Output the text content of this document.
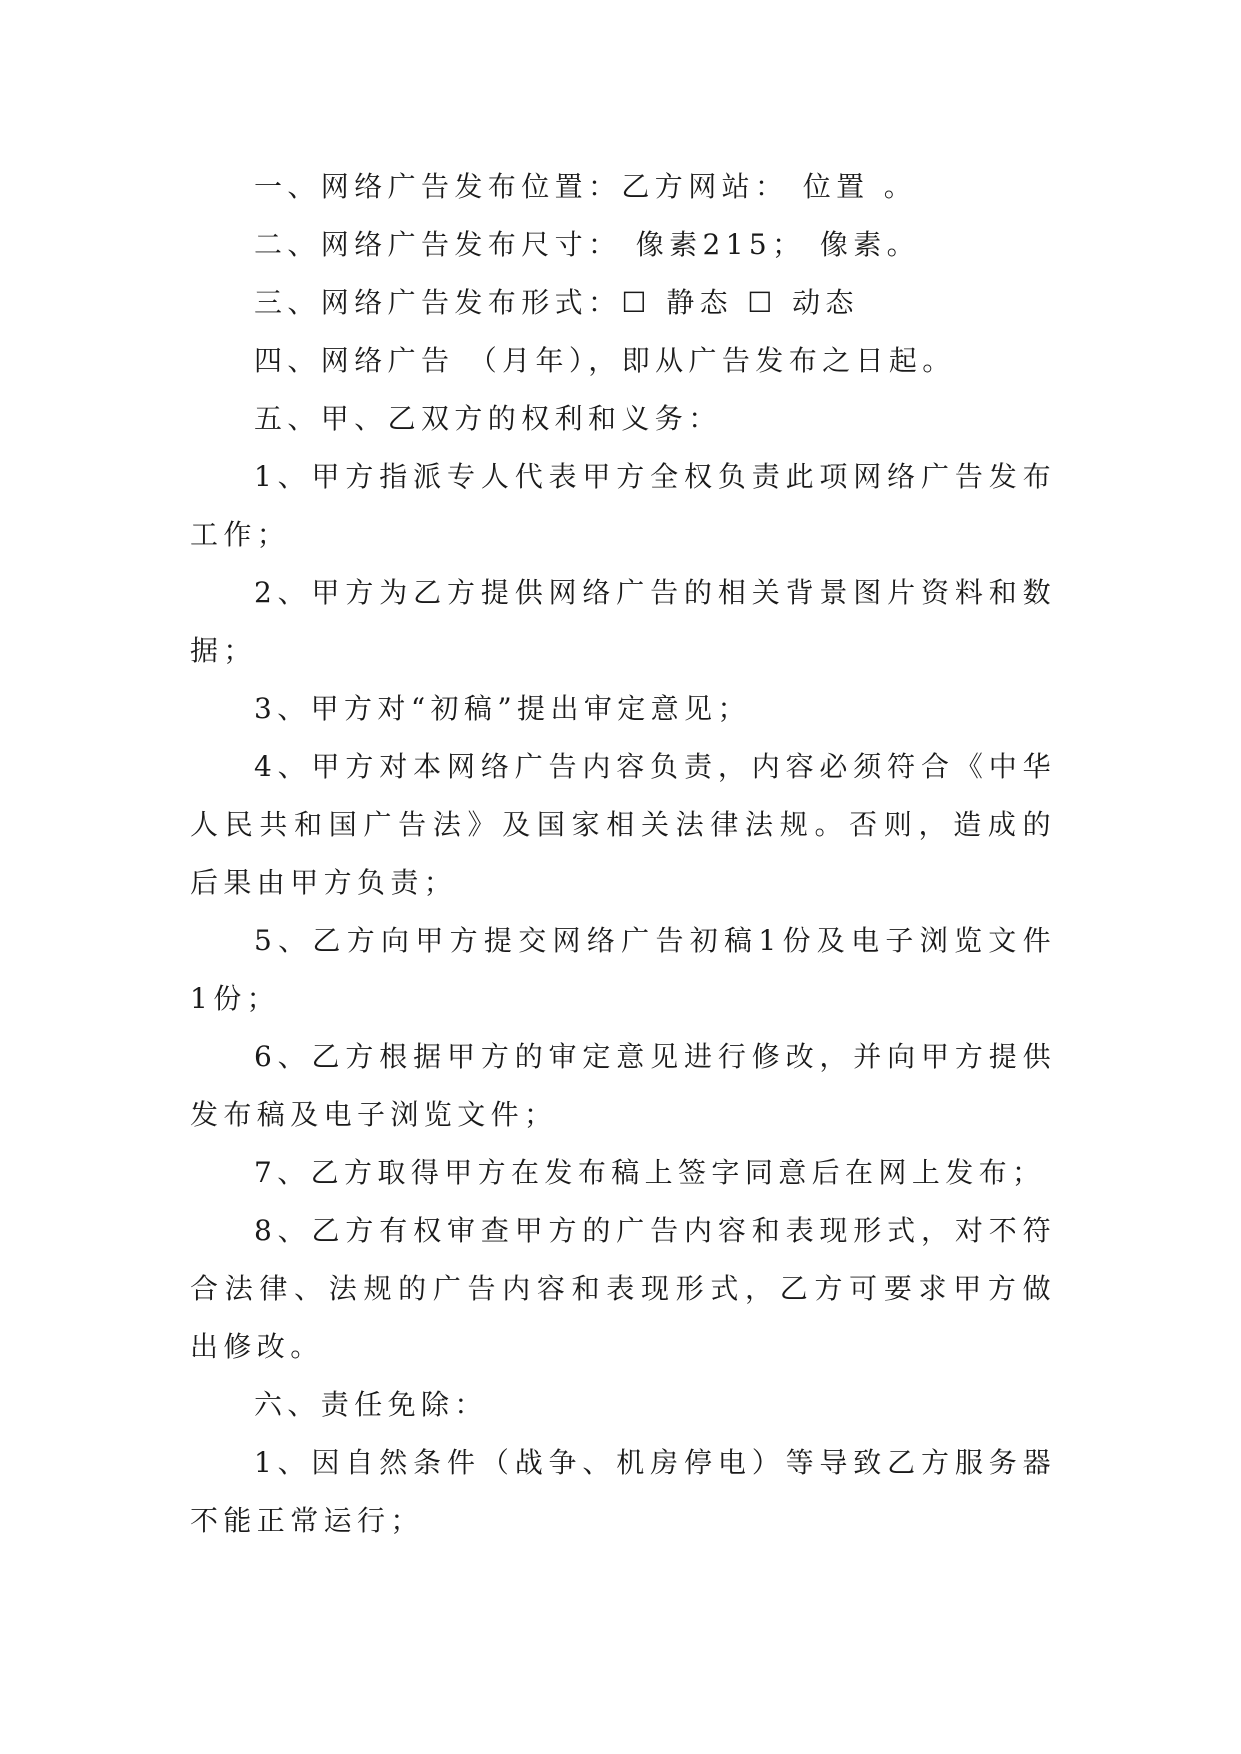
一、网络广告发布位置：乙方网站： 位置 。

二、网络广告发布尺寸： 像素215； 像素。

三、网络广告发布形式：☐ 静态 ☐ 动态

四、网络广告 （月年），即从广告发布之日起。

五、甲、乙双方的权利和义务：

1、甲方指派专人代表甲方全权负责此项网络广告发布工作；

2、甲方为乙方提供网络广告的相关背景图片资料和数据；

3、甲方对“初稿”提出审定意见；

4、甲方对本网络广告内容负责，内容必须符合《中华人民共和国广告法》及国家相关法律法规。否则，造成的后果由甲方负责；

5、乙方向甲方提交网络广告初稿1份及电子浏览文件1份；

6、乙方根据甲方的审定意见进行修改，并向甲方提供发布稿及电子浏览文件；

7、乙方取得甲方在发布稿上签字同意后在网上发布；

8、乙方有权审查甲方的广告内容和表现形式，对不符合法律、法规的广告内容和表现形式，乙方可要求甲方做出修改。

六、责任免除：

1、因自然条件（战争、机房停电）等导致乙方服务器不能正常运行；
